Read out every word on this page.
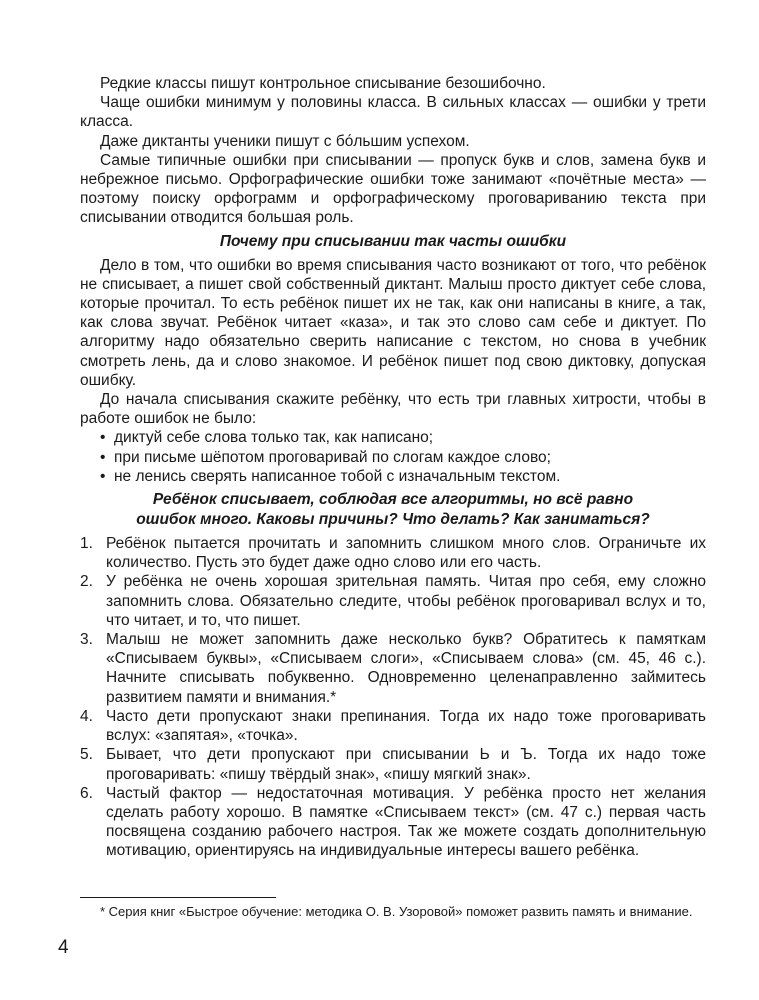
Редкие классы пишут контрольное списывание безошибочно.

Чаще ошибки минимум у половины класса. В сильных классах — ошибки у трети класса.

Даже диктанты ученики пишут с бо́льшим успехом.

Самые типичные ошибки при списывании — пропуск букв и слов, замена букв и небрежное письмо. Орфографические ошибки тоже занимают «почётные места» — поэтому поиску орфограмм и орфографическому проговариванию текста при списывании отводится большая роль.

Почему при списывании так часты ошибки

Дело в том, что ошибки во время списывания часто возникают от того, что ребёнок не списывает, а пишет свой собственный диктант. Малыш просто диктует себе слова, которые прочитал. То есть ребёнок пишет их не так, как они написаны в книге, а так, как слова звучат. Ребёнок читает «каза», и так это слово сам себе и диктует. По алгоритму надо обязательно сверить написание с текстом, но снова в учебник смотреть лень, да и слово знакомое. И ребёнок пишет под свою диктовку, допуская ошибку.

До начала списывания скажите ребёнку, что есть три главных хитрости, чтобы в работе ошибок не было:

• диктуй себе слова только так, как написано;
• при письме шёпотом проговаривай по слогам каждое слово;
• не ленись сверять написанное тобой с изначальным текстом.

Ребёнок списывает, соблюдая все алгоритмы, но всё равно
ошибок много. Каковы причины? Что делать? Как заниматься?

1. Ребёнок пытается прочитать и запомнить слишком много слов. Ограничьте их количество. Пусть это будет даже одно слово или его часть.
2. У ребёнка не очень хорошая зрительная память. Читая про себя, ему сложно запомнить слова. Обязательно следите, чтобы ребёнок проговаривал вслух и то, что читает, и то, что пишет.
3. Малыш не может запомнить даже несколько букв? Обратитесь к памяткам «Списываем буквы», «Списываем слоги», «Списываем слова» (см. 45, 46 с.). Начните списывать побуквенно. Одновременно целенаправленно займитесь развитием памяти и внимания.*
4. Часто дети пропускают знаки препинания. Тогда их надо тоже проговаривать вслух: «запятая», «точка».
5. Бывает, что дети пропускают при списывании Ь и Ъ. Тогда их надо тоже проговаривать: «пишу твёрдый знак», «пишу мягкий знак».
6. Частый фактор — недостаточная мотивация. У ребёнка просто нет желания сделать работу хорошо. В памятке «Списываем текст» (см. 47 с.) первая часть посвящена созданию рабочего настроя. Так же можете создать дополнительную мотивацию, ориентируясь на индивидуальные интересы вашего ребёнка.

* Серия книг «Быстрое обучение: методика О. В. Узоровой» поможет развить память и внимание.

4
